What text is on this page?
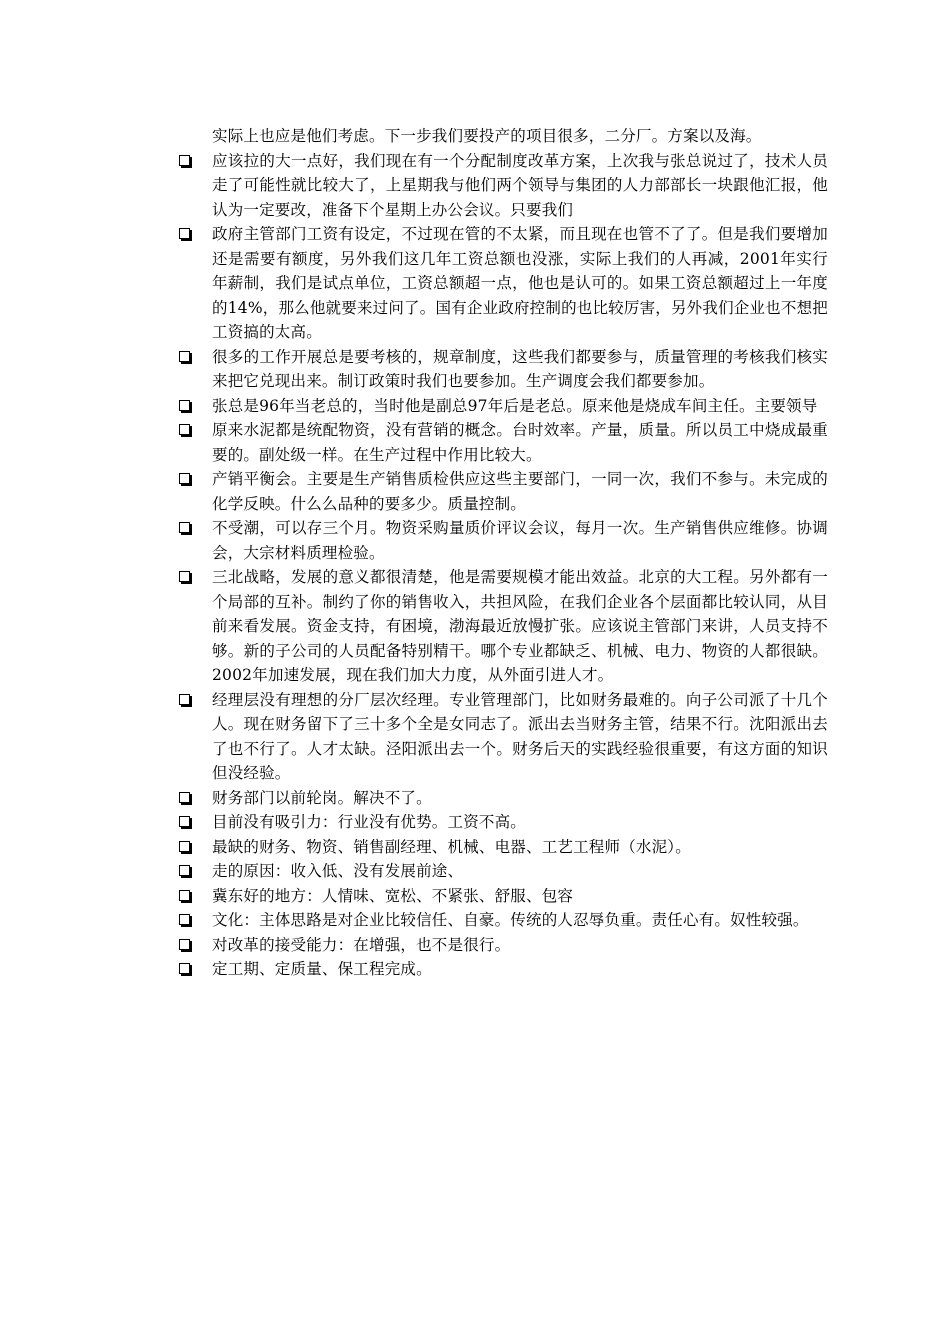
实际上也应是他们考虑。下一步我们要投产的项目很多，二分厂。方案以及海。
应该拉的大一点好，我们现在有一个分配制度改革方案，上次我与张总说过了，技术人员走了可能性就比较大了，上星期我与他们两个领导与集团的人力部部长一块跟他汇报，他认为一定要改，准备下个星期上办公会议。只要我们
政府主管部门工资有设定，不过现在管的不太紧，而且现在也管不了了。但是我们要增加还是需要有额度，另外我们这几年工资总额也没涨，实际上我们的人再减，2001年实行年薪制，我们是试点单位，工资总额超一点，他也是认可的。如果工资总额超过上一年度的14%，那么他就要来过问了。国有企业政府控制的也比较厉害，另外我们企业也不想把工资搞的太高。
很多的工作开展总是要考核的，规章制度，这些我们都要参与，质量管理的考核我们核实来把它兑现出来。制订政策时我们也要参加。生产调度会我们都要参加。
张总是96年当老总的，当时他是副总97年后是老总。原来他是烧成车间主任。主要领导
原来水泥都是统配物资，没有营销的概念。台时效率。产量，质量。所以员工中烧成最重要的。副处级一样。在生产过程中作用比较大。
产销平衡会。主要是生产销售质检供应这些主要部门，一同一次，我们不参与。未完成的化学反映。什么么品种的要多少。质量控制。
不受潮，可以存三个月。物资采购量质价评议会议，每月一次。生产销售供应维修。协调会，大宗材料质理检验。
三北战略，发展的意义都很清楚，他是需要规模才能出效益。北京的大工程。另外都有一个局部的互补。制约了你的销售收入，共担风险，在我们企业各个层面都比较认同，从目前来看发展。资金支持，有困境，渤海最近放慢扩张。应该说主管部门来讲，人员支持不够。新的子公司的人员配备特别精干。哪个专业都缺乏、机械、电力、物资的人都很缺。2002年加速发展，现在我们加大力度，从外面引进人才。
经理层没有理想的分厂层次经理。专业管理部门，比如财务最难的。向子公司派了十几个人。现在财务留下了三十多个全是女同志了。派出去当财务主管，结果不行。沈阳派出去了也不行了。人才太缺。泾阳派出去一个。财务后天的实践经验很重要，有这方面的知识但没经验。
财务部门以前轮岗。解决不了。
目前没有吸引力：行业没有优势。工资不高。
最缺的财务、物资、销售副经理、机械、电器、工艺工程师（水泥）。
走的原因：收入低、没有发展前途、
冀东好的地方：人情味、宽松、不紧张、舒服、包容
文化：主体思路是对企业比较信任、自豪。传统的人忍辱负重。责任心有。奴性较强。
对改革的接受能力：在增强，也不是很行。
定工期、定质量、保工程完成。
